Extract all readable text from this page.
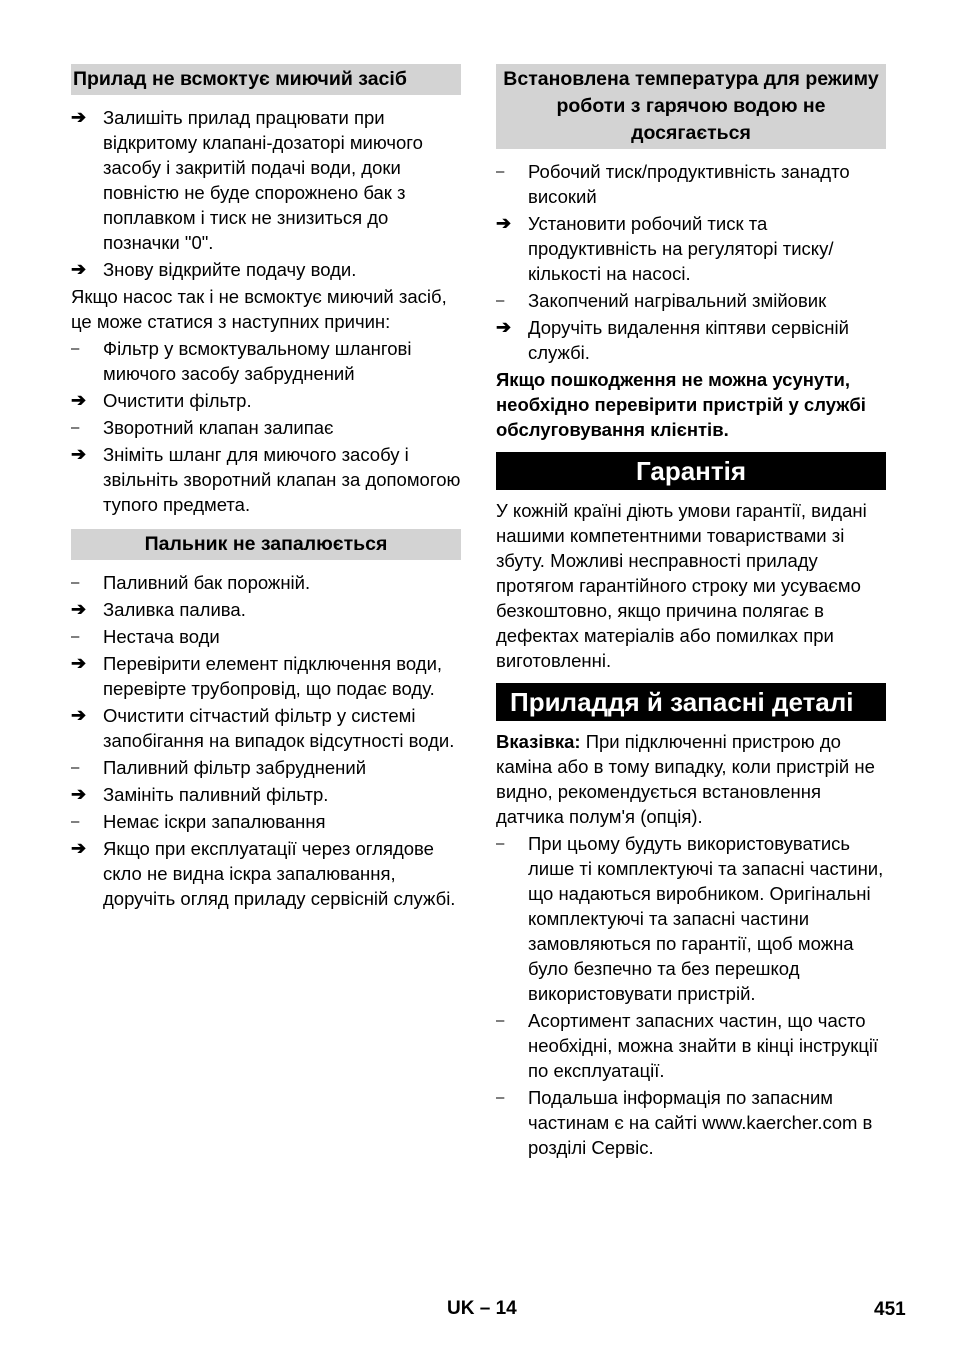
Прилад не всмоктує миючий засіб
➔ Залишіть прилад працювати при відкритому клапані-дозаторі миючого засобу і закритій подачі води, доки повністю не буде спорожнено бак з поплавком і тиск не знизиться до позначки "0".
➔ Знову відкрийте подачу води.
Якщо насос так і не всмоктує миючий засіб, це може статися з наступних причин:
–	Фільтр у всмоктувальному шлангові миючого засобу забруднений
➔ Очистити фільтр.
–	Зворотний клапан залипає
➔ Зніміть шланг для миючого засобу і звільніть зворотний клапан за допомогою тупого предмета.
Пальник не запалюється
–	Паливний бак порожній.
➔ Заливка палива.
–	Нестача води
➔ Перевірити елемент підключення води, перевірте трубопровід, що подає воду.
➔ Очистити сітчастий фільтр у системі запобігання на випадок відсутності води.
–	Паливний фільтр забруднений
➔ Замініть паливний фільтр.
–	Немає іскри запалювання
➔ Якщо при експлуатації через оглядове скло не видна іскра запалювання, доручіть огляд приладу сервісній службі.
Встановлена температура для режиму роботи з гарячою водою не досягається
–	Робочий тиск/продуктивність занадто високий
➔ Установити робочий тиск та продуктивність на регуляторі тиску/кількості на насосі.
–	Закопчений нагрівальний змійовик
➔ Доручіть видалення кіптяви сервісній службі.
Якщо пошкодження не можна усунути, необхідно перевірити пристрій у службі обслуговування клієнтів.
Гарантія
У кожній країні діють умови гарантії, видані нашими компетентними товариствами зі збуту. Можливі несправності приладу протягом гарантійного строку ми усуваємо безкоштовно, якщо причина полягає в дефектах матеріалів або помилках при виготовленні.
Приладдя й запасні деталі
Вказівка: При підключенні пристрою до каміна або в тому випадку, коли пристрій не видно, рекомендується встановлення датчика полум'я (опція).
–	При цьому будуть використовуватись лише ті комплектуючі та запасні частини, що надаються виробником. Оригінальні комплектуючі та запасні частини замовляються по гарантії, щоб можна було безпечно та без перешкод використовувати пристрій.
–	Асортимент запасних частин, що часто необхідні, можна знайти в кінці інструкції по експлуатації.
–	Подальша інформація по запасним частинам є на сайті www.kaercher.com в розділі Сервіс.
UK – 14	451
